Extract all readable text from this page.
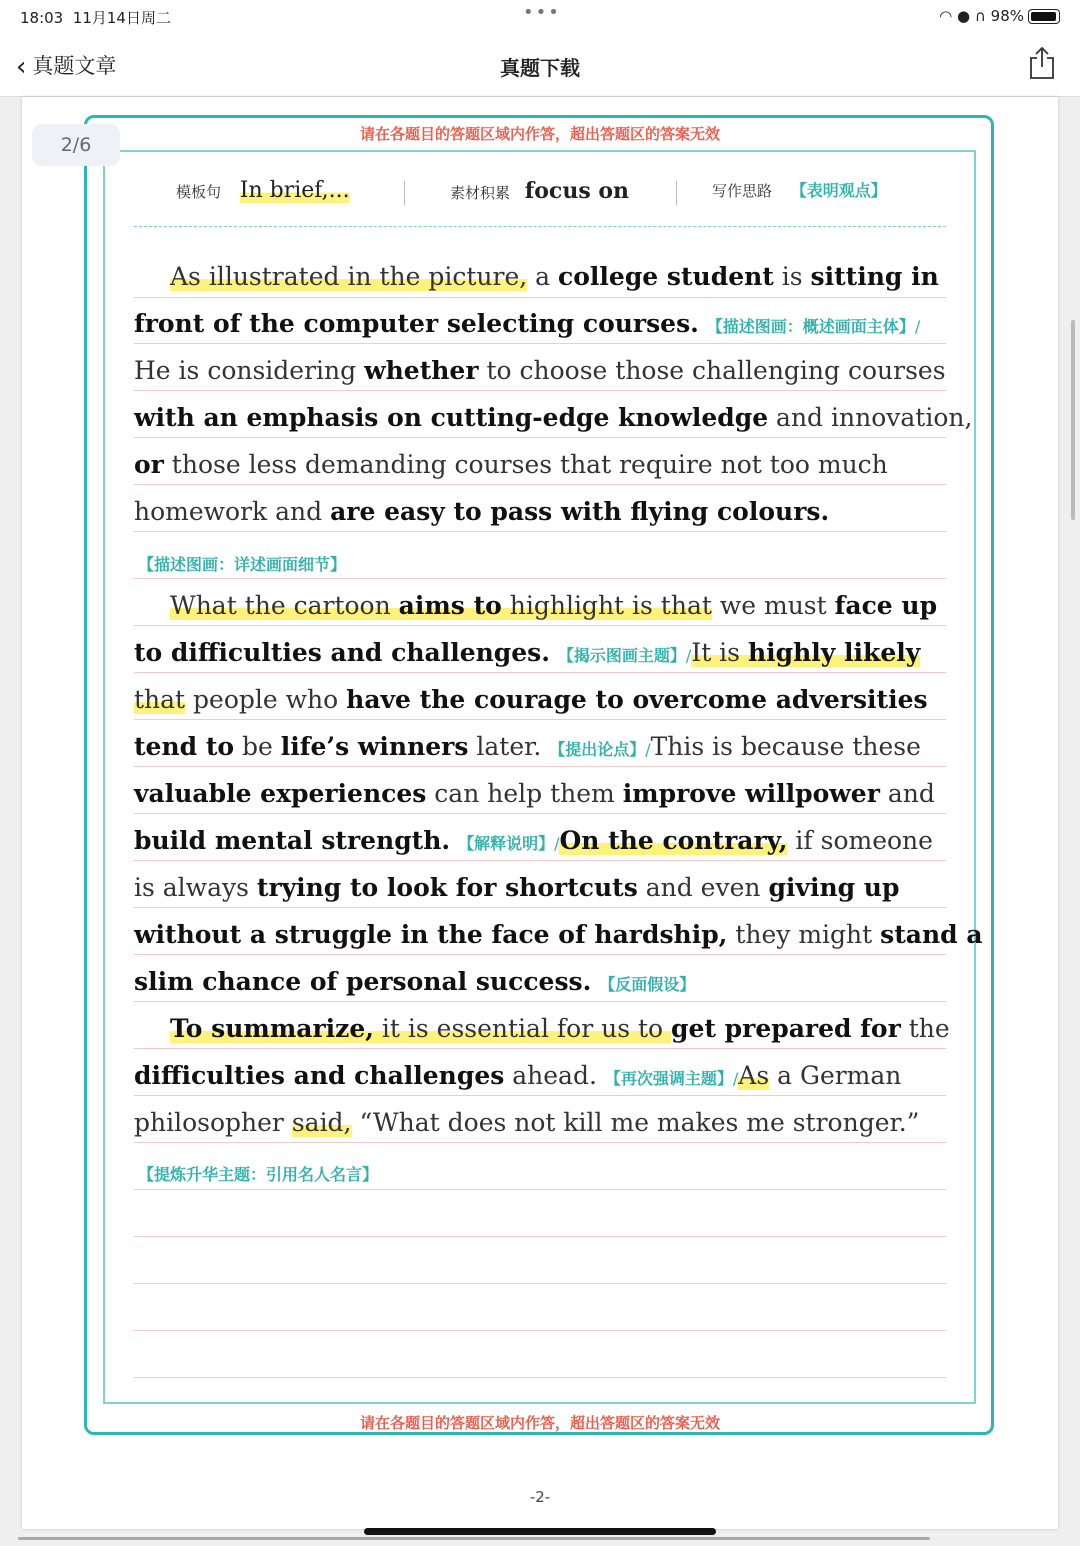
18:03 11月14日周二	•••	◠ ● ∩ 98%
‹ 真题文章	真题下载
2/6	请在各题目的答题区域内作答，超出答题区的答案无效
模板句 In brief,...	素材积累 focus on	写作思路 【表明观点】
As illustrated in the picture, a college student is sitting in
front of the computer selecting courses. 【描述图画：概述画面主体】/
He is considering whether to choose those challenging courses
with an emphasis on cutting-edge knowledge and innovation,
or those less demanding courses that require not too much
homework and are easy to pass with flying colours.
【描述图画：详述画面细节】
What the cartoon aims to highlight is that we must face up
to difficulties and challenges. 【揭示图画主题】/It is highly likely
that people who have the courage to overcome adversities
tend to be life’s winners later. 【提出论点】/This is because these
valuable experiences can help them improve willpower and
build mental strength. 【解释说明】/On the contrary, if someone
is always trying to look for shortcuts and even giving up
without a struggle in the face of hardship, they might stand a
slim chance of personal success. 【反面假设】
To summarize, it is essential for us to get prepared for the
difficulties and challenges ahead. 【再次强调主题】/As a German
philosopher said, “What does not kill me makes me stronger.”
【提炼升华主题：引用名人名言】
请在各题目的答题区域内作答，超出答题区的答案无效
-2-
